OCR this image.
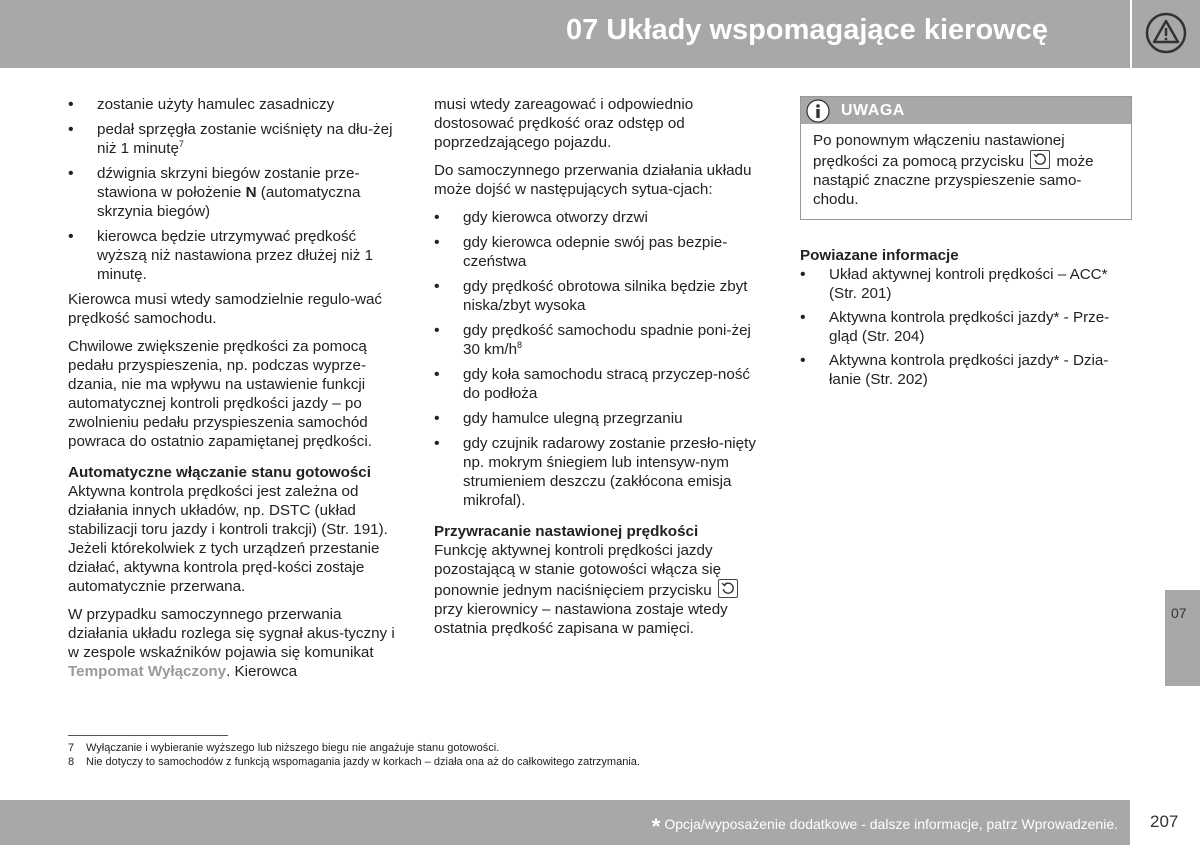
07 Układy wspomagające kierowcę
• zostanie użyty hamulec zasadniczy
• pedał sprzęgła zostanie wciśnięty na dłu-żej niż 1 minutę$^7$
• dźwignia skrzyni biegów zostanie prze-stawiona w położenie N (automatyczna skrzynia biegów)
• kierowca będzie utrzymywać prędkość wyższą niż nastawiona przez dłużej niż 1 minutę.

Kierowca musi wtedy samodzielnie regulo-wać prędkość samochodu.

Chwilowe zwiększenie prędkości za pomocą pedału przyspieszenia, np. podczas wyprze-dzania, nie ma wpływu na ustawienie funkcji automatycznej kontroli prędkości jazdy – po zwolnieniu pedału przyspieszenia samochód powraca do ostatnio zapamiętanej prędkości.

Automatyczne włączanie stanu gotowości

Aktywna kontrola prędkości jest zależna od działania innych układów, np. DSTC (układ stabilizacji toru jazdy i kontroli trakcji) (Str. 191). Jeżeli którekolwiek z tych urządzeń przestanie działać, aktywna kontrola pręd-kości zostaje automatycznie przerwana.

W przypadku samoczynnego przerwania działania układu rozlega się sygnał akus-tyczny i w zespole wskaźników pojawia się komunikat Tempomat Wyłączony. Kierowca

musi wtedy zareagować i odpowiednio dostosować prędkość oraz odstęp od poprzedzającego pojazdu.

Do samoczynnego przerwania działania układu może dojść w następujących sytua-cjach:

• gdy kierowca otworzy drzwi
• gdy kierowca odepnie swój pas bezpie-czeństwa
• gdy prędkość obrotowa silnika będzie zbyt niska/zbyt wysoka
• gdy prędkość samochodu spadnie poni-żej 30 $km/h^8$
• gdy koła samochodu stracą przyczep-ność do podłoża
• gdy hamulce ulegną przegrzaniu
• gdy czujnik radarowy zostanie przesło-nięty np. mokrym śniegiem lub intensyw-nym strumieniem deszczu (zakłócona emisja mikrofal).
Przywracanie nastawionej prędkości

Funkcję aktywnej kontroli prędkości jazdy pozostającą w stanie gotowości włącza się ponownie jednym naciśnięciem przycisku
przy kierownicy – nastawiona zostaje wtedy ostatnia prędkość zapisana w pamięci.

UWAGA
Po ponownym włączeniu nastawionej prędkości za pomocą przycisku
może nastąpić znaczne przyspieszenie samo-chodu.
Powiazane informacje
• Układ aktywnej kontroli prędkości – ACC* (Str. 201)
• Aktywna kontrola prędkości jazdy* - Prze-gląd (Str. 204)
• Aktywna kontrola prędkości jazdy* - Dzia-łanie (Str. 202)
07
7 Wyłączanie i wybieranie wyższego lub niższego biegu nie angażuje stanu gotowości.
8 Nie dotyczy to samochodów z funkcją wspomagania jazdy w korkach – działa ona aż do całkowitego zatrzymania.
* Opcja/wyposażenie dodatkowe - dalsze informacje, patrz Wprowadzenie. 207
